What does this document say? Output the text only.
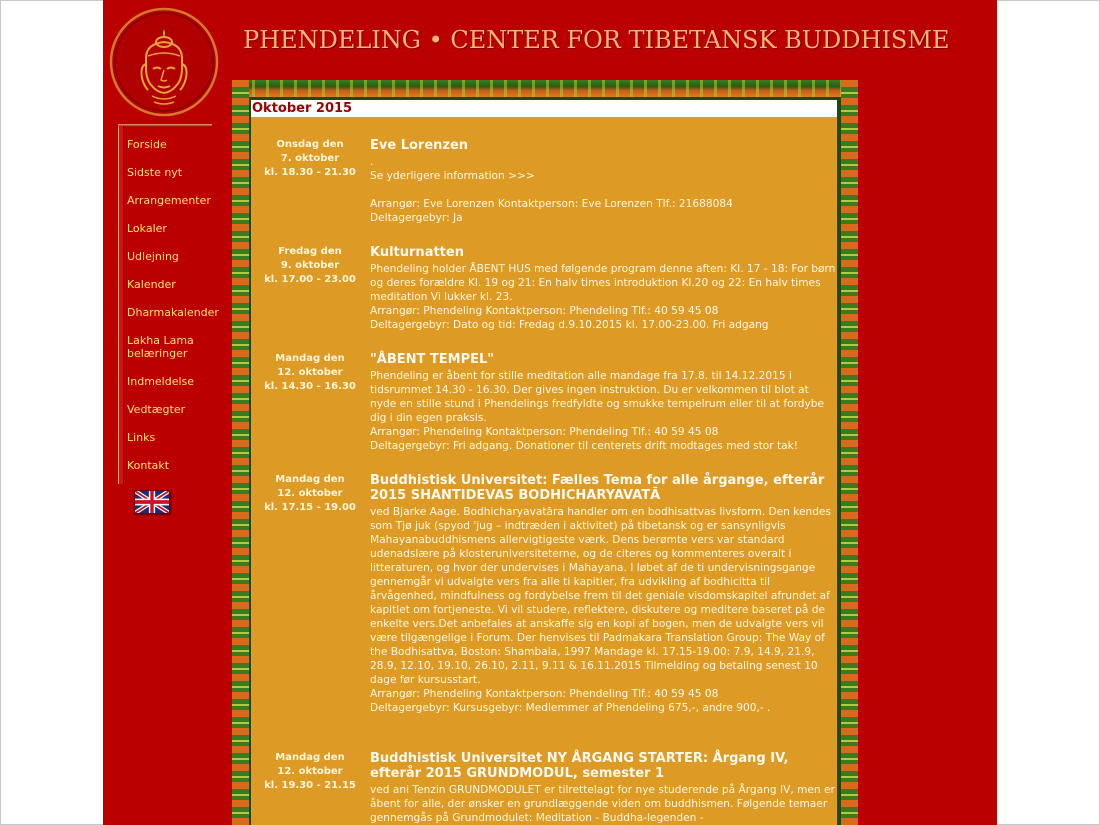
PHENDELING • CENTER FOR TIBETANSK BUDDHISME
Forside
Sidste nyt
Arrangementer
Lokaler
Udlejning
Kalender
Dharmakalender
Lakha Lama belæringer
Indmeldelse
Vedtægter
Links
Kontakt
Oktober 2015
Onsdag den
7. oktober
kl. 18.30 - 21.30
Eve Lorenzen
.
Se yderligere information >>>
Arrangør: Eve Lorenzen Kontaktperson: Eve Lorenzen Tlf.: 21688084
Deltagergebyr: Ja
Fredag den
9. oktober
kl. 17.00 - 23.00
Kulturnatten
Phendeling holder ÅBENT HUS med følgende program denne aften: Kl. 17 - 18: For børn og deres forældre Kl. 19 og 21: En halv times introduktion Kl.20 og 22: En halv times meditation Vi lukker kl. 23.
Arrangør: Phendeling Kontaktperson: Phendeling Tlf.: 40 59 45 08
Deltagergebyr: Dato og tid: Fredag d.9.10.2015 kl. 17.00-23.00. Fri adgang
Mandag den
12. oktober
kl. 14.30 - 16.30
"ÅBENT TEMPEL"
Phendeling er åbent for stille meditation alle mandage fra 17.8. til 14.12.2015 i tidsrummet 14.30 - 16.30. Der gives ingen instruktion. Du er velkommen til blot at nyde en stille stund i Phendelings fredfyldte og smukke tempelrum eller til at fordybe dig i din egen praksis.
Arrangør: Phendeling Kontaktperson: Phendeling Tlf.: 40 59 45 08
Deltagergebyr: Fri adgang. Donationer til centerets drift modtages med stor tak!
Mandag den
12. oktober
kl. 17.15 - 19.00
Buddhistisk Universitet: Fælles Tema for alle årgange, efterår 2015 SHANTIDEVAS BODHICHARYAVATĀ
ved Bjarke Aage. Bodhicharyavatāra handler om en bodhisattvas livsform. Den kendes som Tjø juk (spyod 'jug – indtræden i aktivitet) på tibetansk og er sansynligvis Mahayanabuddhismens allervigtigeste værk. Dens berømte vers var standard udenadslære på klosteruniversiteterne, og de citeres og kommenteres overalt i litteraturen, og hvor der undervises i Mahayana. I løbet af de ti undervisningsgange gennemgår vi udvalgte vers fra alle ti kapitler, fra udvikling af bodhicitta til årvågenhed, mindfulness og fordybelse frem til det geniale visdomskapitel afrundet af kapitlet om fortjeneste. Vi vil studere, reflektere, diskutere og meditere baseret på de enkelte vers.Det anbefales at anskaffe sig en kopi af bogen, men de udvalgte vers vil være tilgængelige i Forum. Der henvises til Padmakara Translation Group: The Way of the Bodhisattva, Boston: Shambala, 1997 Mandage kl. 17.15-19.00: 7.9, 14.9, 21.9, 28.9, 12.10, 19.10, 26.10, 2.11, 9.11 & 16.11.2015 Tilmelding og betaling senest 10 dage før kursusstart.
Arrangør: Phendeling Kontaktperson: Phendeling Tlf.: 40 59 45 08
Deltagergebyr: Kursusgebyr: Medlemmer af Phendeling 675,-, andre 900,- .
Mandag den
12. oktober
kl. 19.30 - 21.15
Buddhistisk Universitet NY ÅRGANG STARTER: Årgang IV, efterår 2015 GRUNDMODUL, semester 1
ved ani Tenzin GRUNDMODULET er tilrettelagt for nye studerende på Årgang IV, men er åbent for alle, der ønsker en grundlæggende viden om buddhismen. Følgende temaer gennemgås på Grundmodulet: Meditation - Buddha-legenden -
